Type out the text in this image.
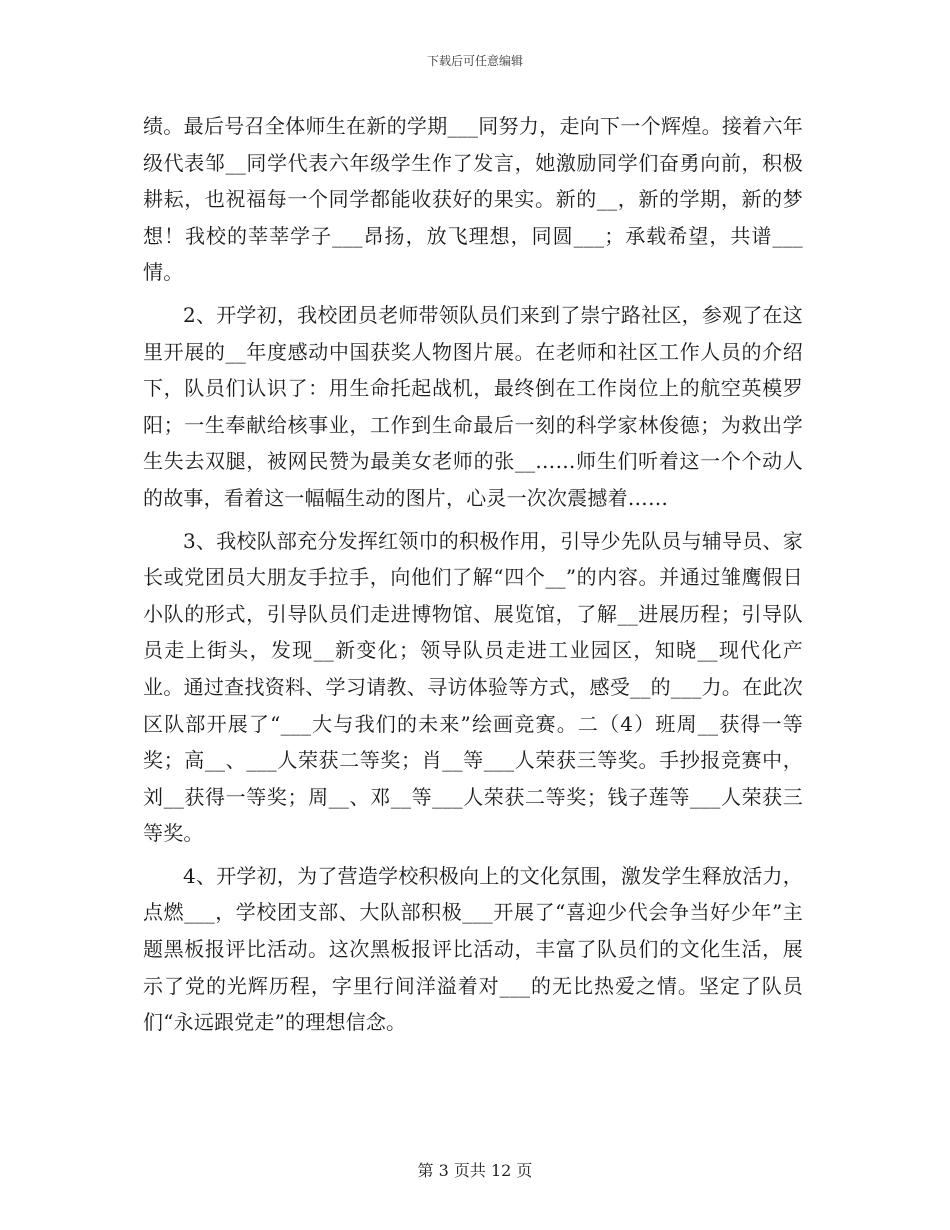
下载后可任意编辑

绩。最后号召全体师生在新的学期___同努力，走向下一个辉煌。接着六年级代表邹__同学代表六年级学生作了发言，她激励同学们奋勇向前，积极耕耘，也祝福每一个同学都能收获好的果实。新的__，新的学期，新的梦想！我校的莘莘学子___昂扬，放飞理想，同圆___；承载希望，共谱___情。

2、开学初，我校团员老师带领队员们来到了崇宁路社区，参观了在这里开展的__年度感动中国获奖人物图片展。在老师和社区工作人员的介绍下，队员们认识了：用生命托起战机，最终倒在工作岗位上的航空英模罗阳；一生奉献给核事业，工作到生命最后一刻的科学家林俊德；为救出学生失去双腿，被网民赞为最美女老师的张__……师生们听着这一个个动人的故事，看着这一幅幅生动的图片，心灵一次次震撼着……

3、我校队部充分发挥红领巾的积极作用，引导少先队员与辅导员、家长或党团员大朋友手拉手，向他们了解“四个__”的内容。并通过雏鹰假日小队的形式，引导队员们走进博物馆、展览馆，了解__进展历程；引导队员走上街头，发现__新变化；领导队员走进工业园区，知晓__现代化产业。通过查找资料、学习请教、寻访体验等方式，感受__的___力。在此次区队部开展了“___大与我们的未来”绘画竞赛。二（4）班周__获得一等奖；高__、___人荣获二等奖；肖__等___人荣获三等奖。手抄报竞赛中，刘__获得一等奖；周__、邓__等___人荣获二等奖；钱子莲等___人荣获三等奖。

4、开学初，为了营造学校积极向上的文化氛围，激发学生释放活力，点燃___，学校团支部、大队部积极___开展了“喜迎少代会争当好少年”主题黑板报评比活动。这次黑板报评比活动，丰富了队员们的文化生活，展示了党的光辉历程，字里行间洋溢着对___的无比热爱之情。坚定了队员们“永远跟党走”的理想信念。

第 3 页共 12 页
